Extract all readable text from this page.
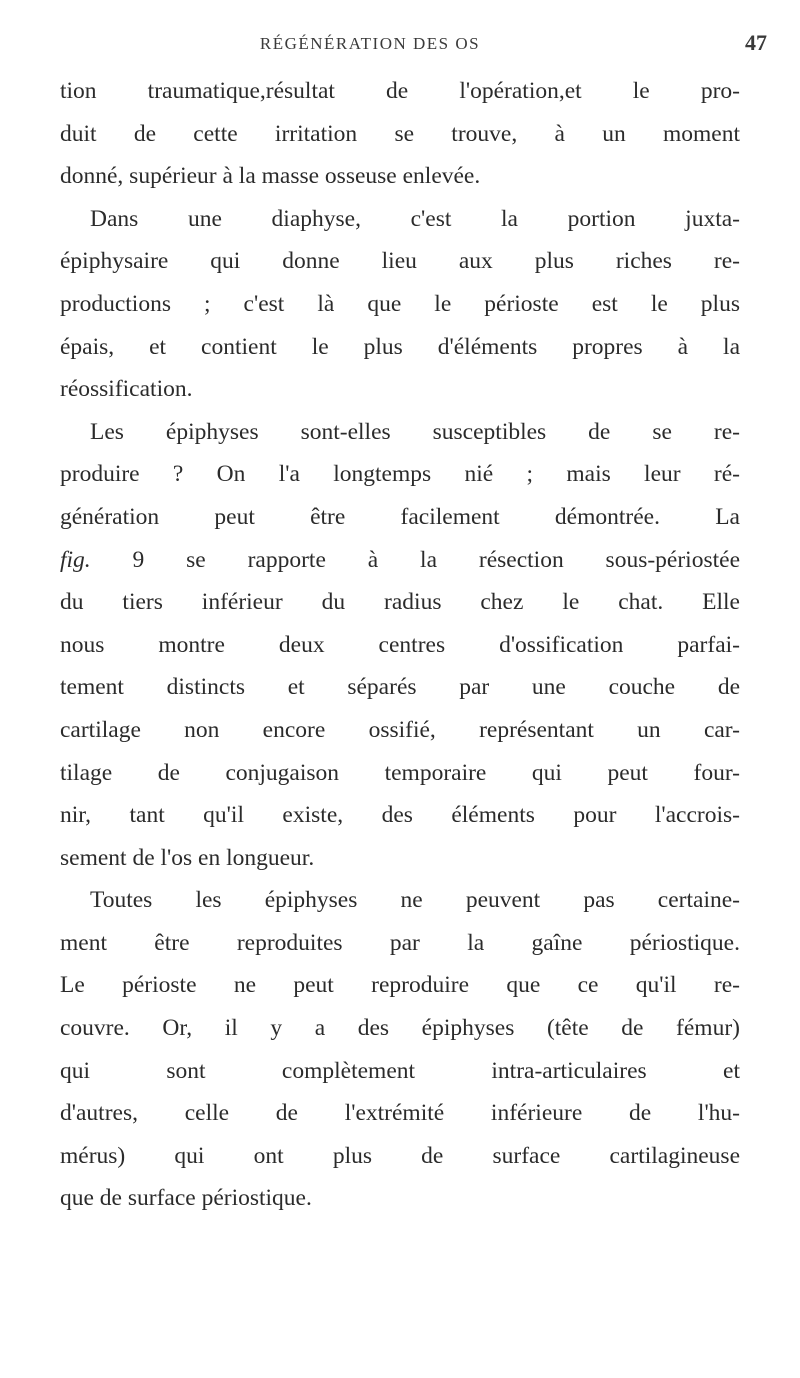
RÉGÉNÉRATION DES OS	47
tion traumatique,résultat de l'opération,et le pro-
duit de cette irritation se trouve, à un moment
donné, supérieur à la masse osseuse enlevée.
Dans une diaphyse, c'est la portion juxta-
épiphysaire qui donne lieu aux plus riches re-
productions ; c'est là que le périoste est le plus
épais, et contient le plus d'éléments propres à la
réossification.
Les épiphyses sont-elles susceptibles de se re-
produire ? On l'a longtemps nié ; mais leur ré-
génération peut être facilement démontrée. La
fig. 9 se rapporte à la résection sous-périostée
du tiers inférieur du radius chez le chat. Elle
nous montre deux centres d'ossification parfai-
tement distincts et séparés par une couche de
cartilage non encore ossifié, représentant un car-
tilage de conjugaison temporaire qui peut four-
nir, tant qu'il existe, des éléments pour l'accrois-
sement de l'os en longueur.
Toutes les épiphyses ne peuvent pas certaine-
ment être reproduites par la gaîne périostique.
Le périoste ne peut reproduire que ce qu'il re-
couvre. Or, il y a des épiphyses (tête de fémur)
qui sont complètement intra-articulaires et
d'autres, celle de l'extrémité inférieure de l'hu-
mérus) qui ont plus de surface cartilagineuse
que de surface périostique.
